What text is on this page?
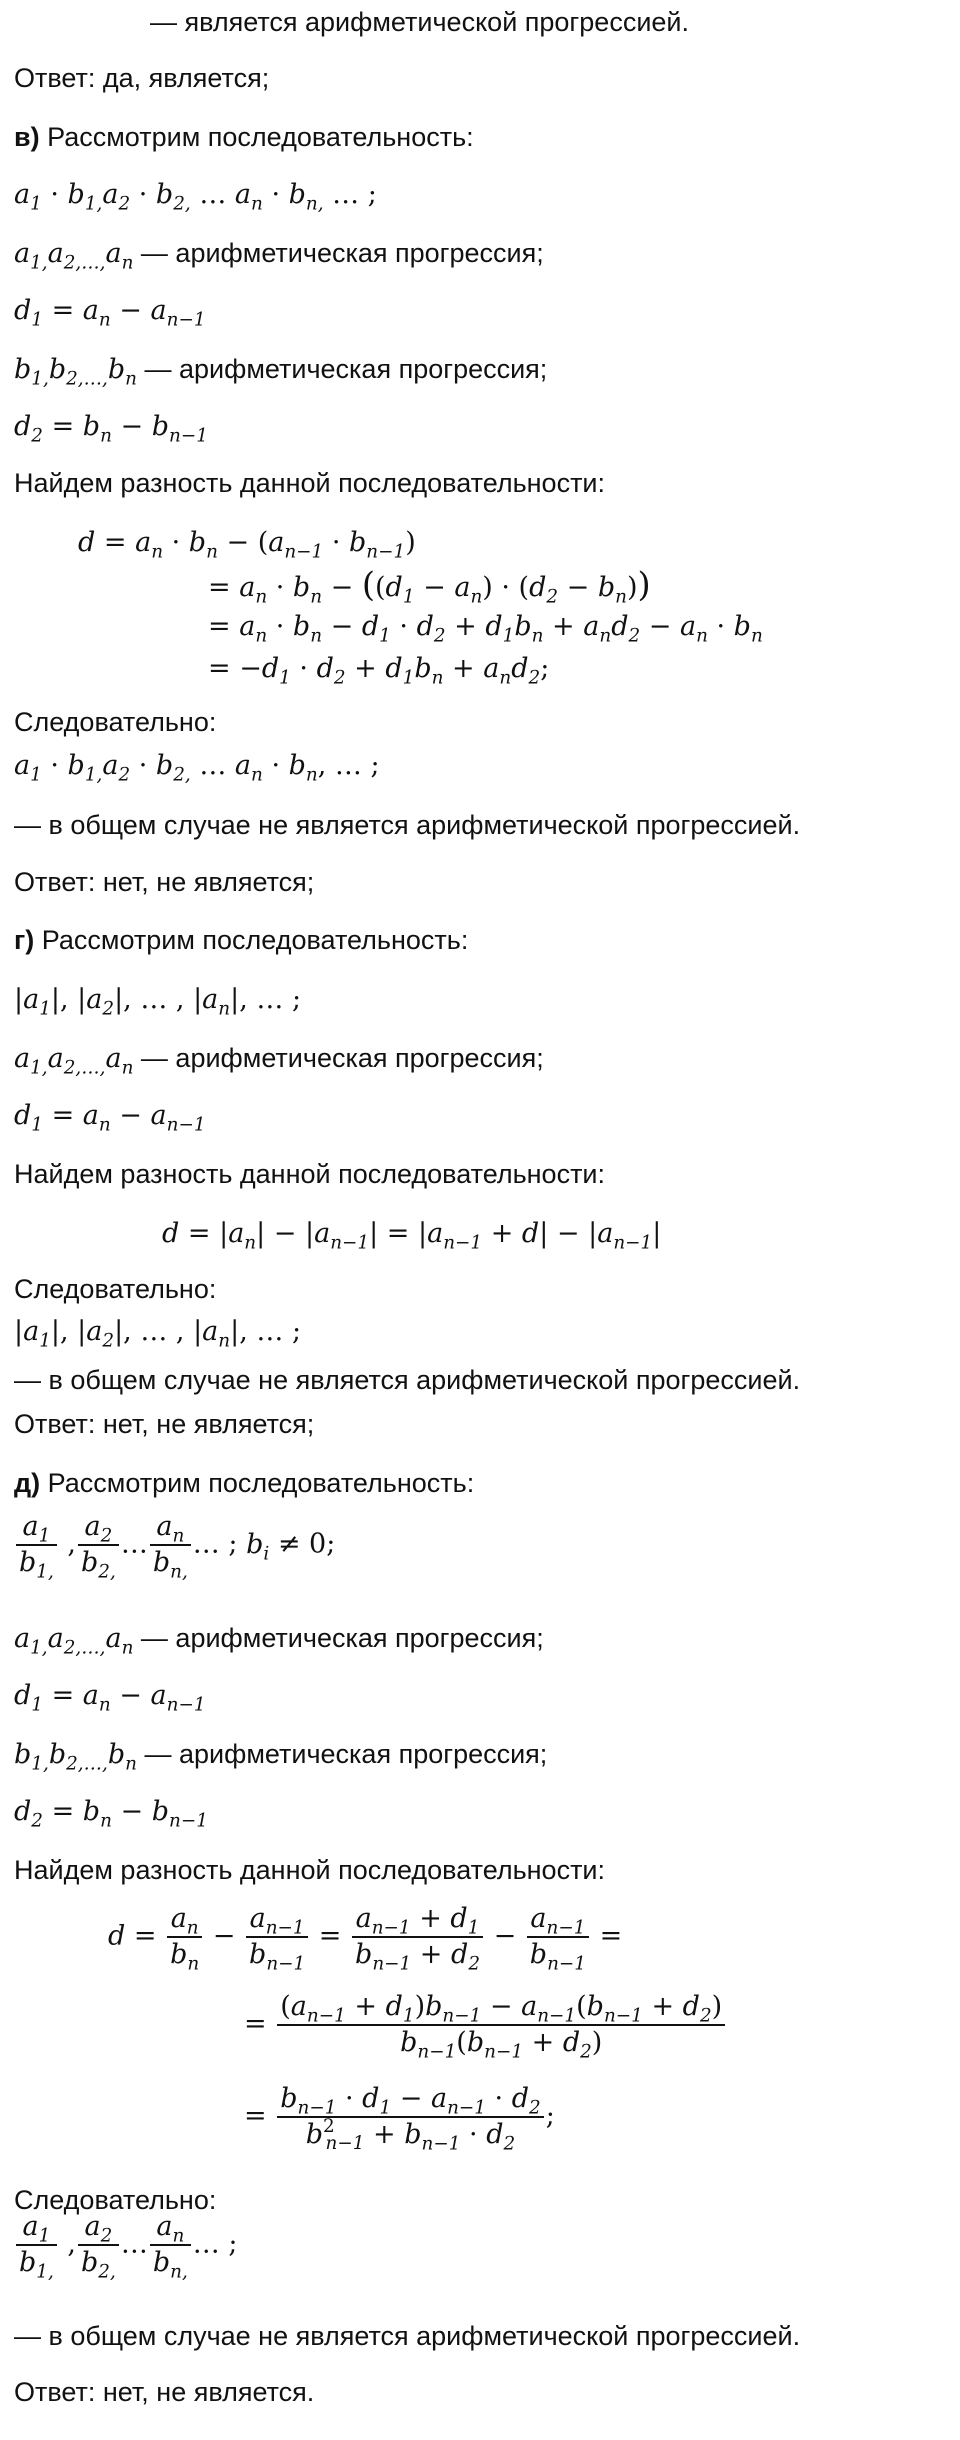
— является арифметической прогрессией.
Ответ: да, является;
в) Рассмотрим последовательность:
$a_1 \cdot b_{1,}a_2 \cdot b_{2,}$ … $a_n \cdot b_{n,}$ … ;
$a_{1,}a_{2,\dots,}a_n$ — арифметическая прогрессия;
$d_1 = a_n - a_{n-1}$
$b_{1,}b_{2,\dots,}b_n$ — арифметическая прогрессия;
$d_2 = b_n - b_{n-1}$
Найдем разность данной последовательности:
$d = a_n \cdot b_n - (a_{n-1} \cdot b_{n-1})$
= $a_n \cdot b_n - ((d_1 - a_n) \cdot (d_2 - b_n))$
= $a_n \cdot b_n - d_1 \cdot d_2 + d_1b_n + a_nd_2 - a_n \cdot b_n$
= $-d_1 \cdot d_2 + d_1b_n + a_nd_2$;
Следовательно:
$a_1 \cdot b_{1,}a_2 \cdot b_{2,}$ … $a_n \cdot b_n$, … ;
— в общем случае не является арифметической прогрессией.
Ответ: нет, не является;
г) Рассмотрим последовательность:
$|a_1|$, $|a_2|$, … , $|a_n|$, … ;
$a_{1,}a_{2,\dots,}a_n$ — арифметическая прогрессия;
$d_1 = a_n - a_{n-1}$
Найдем разность данной последовательности:
$d = |a_n| - |a_{n-1}| = |a_{n-1} + d| - |a_{n-1}|$
Следовательно:
$|a_1|$, $|a_2|$, … , $|a_n|$, … ;
— в общем случае не является арифметической прогрессией.
Ответ: нет, не является;
д) Рассмотрим последовательность:
$\frac{a_1}{b_{1,}}$ , $\frac{a_2}{b_{2,}}$ … $\frac{a_n}{b_{n,}}$ … ; $b_i \ne 0$;
$a_{1,}a_{2,\dots,}a_n$ — арифметическая прогрессия;
$d_1 = a_n - a_{n-1}$
$b_{1,}b_{2,\dots,}b_n$ — арифметическая прогрессия;
$d_2 = b_n - b_{n-1}$
Найдем разность данной последовательности:
$d = \frac{a_n}{b_n} - \frac{a_{n-1}}{b_{n-1}} = \frac{a_{n-1} + d_1}{b_{n-1} + d_2} - \frac{a_{n-1}}{b_{n-1}}$ =
= $\frac{(a_{n-1} + d_1)b_{n-1} - a_{n-1}(b_{n-1} + d_2)}{b_{n-1}(b_{n-1} + d_2)}$
= $\frac{b_{n-1} \cdot d_1 - a_{n-1} \cdot d_2}{b^2_{n-1} + b_{n-1} \cdot d_2}$ ;
Следовательно:
$\frac{a_1}{b_{1,}}$ , $\frac{a_2}{b_{2,}}$ … $\frac{a_n}{b_{n,}}$ … ;
— в общем случае не является арифметической прогрессией.
Ответ: нет, не является.
